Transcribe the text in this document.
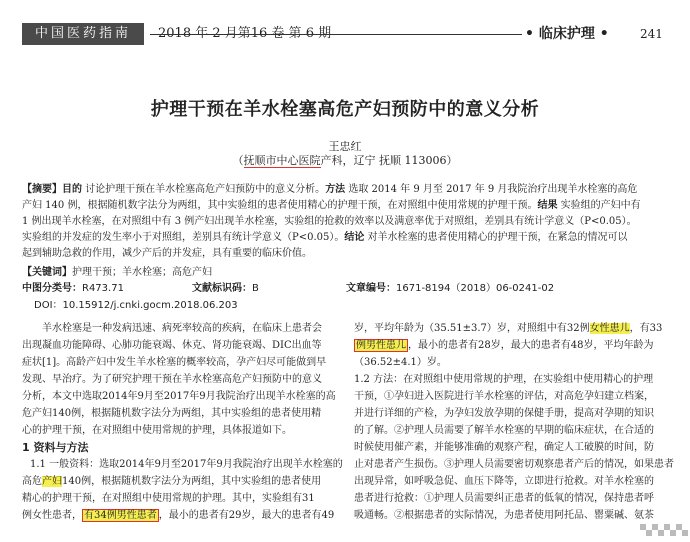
中国医药指南	2018 年 2 月第16 卷 第 6 期	• 临床护理 •	241
护理干预在羊水栓塞高危产妇预防中的意义分析
王忠红
（抚顺市中心医院产科，辽宁 抚顺 113006）
【摘要】目的 讨论护理干预在羊水栓塞高危产妇预防中的意义分析。方法 选取 2014 年 9 月至 2017 年 9 月我院治疗出现羊水栓塞的高危
产妇 140 例，根据随机数字法分为两组，其中实验组的患者使用精心的护理干预，在对照组中使用常规的护理干预。结果 实验组的产妇中有
1 例出现羊水栓塞，在对照组中有 3 例产妇出现羊水栓塞，实验组的抢救的效率以及满意率优于对照组，差别具有统计学意义（P<0.05）。
实验组的并发症的发生率小于对照组，差别具有统计学意义（P<0.05）。结论 对羊水栓塞的患者使用精心的护理干预，在紧急的情况可以
起到辅助急救的作用，减少产后的并发症，具有重要的临床价值。
【关键词】护理干预；羊水栓塞；高危产妇
中图分类号：R473.71	文献标识码：B	文章编号：1671-8194（2018）06-0241-02
DOI：10.15912/j.cnki.gocm.2018.06.203
羊水栓塞是一种发病迅速、病死率较高的疾病，在临床上患者会
出现凝血功能障碍、心肺功能衰竭、休克、肾功能衰竭、DIC出血等
症状[1]。高龄产妇中发生羊水栓塞的概率较高，孕产妇尽可能做到早
发现、早治疗。为了研究护理干预在羊水栓塞高危产妇预防中的意义
分析，本文中选取2014年9月至2017年9月我院治疗出现羊水栓塞的高
危产妇140例，根据随机数字法分为两组，其中实验组的患者使用精
心的护理干预，在对照组中使用常规的护理，具体报道如下。
1 资料与方法
1.1 一般资料：选取2014年9月至2017年9月我院治疗出现羊水栓塞的
高危产妇140例，根据随机数字法分为两组，其中实验组的患者使用
精心的护理干预，在对照组中使用常规的护理。其中，实验组有31
例女性患者， 有34例男性患者 ，最小的患者有29岁，最大的患者有49
岁，平均年龄为（35.51±3.7）岁，对照组中有32例女性患儿，有33
例男性患儿 ，最小的患者有28岁，最大的患者有48岁，平均年龄为
（36.52±4.1）岁。
1.2 方法：在对照组中使用常规的护理，在实验组中使用精心的护理
干预，①孕妇进入医院进行羊水栓塞的评估，对高危孕妇建立档案，
并进行详细的产检，为孕妇发放孕期的保健手册，提高对孕期的知识
的了解。②护理人员需要了解羊水栓塞的早期的临床症状，在合适的
时候使用催产素，并能够准确的观察产程，确定人工破膜的时间，防
止对患者产生损伤。③护理人员需要密切观察患者产后的情况，如果患者
出现异常，如呼吸急促、血压下降等，立即进行抢救。对羊水栓塞的
患者进行抢救：①护理人员需要纠正患者的低氧的情况，保持患者呼
吸通畅。②根据患者的实际情况，为患者使用阿托品、罂粟碱、氨茶
